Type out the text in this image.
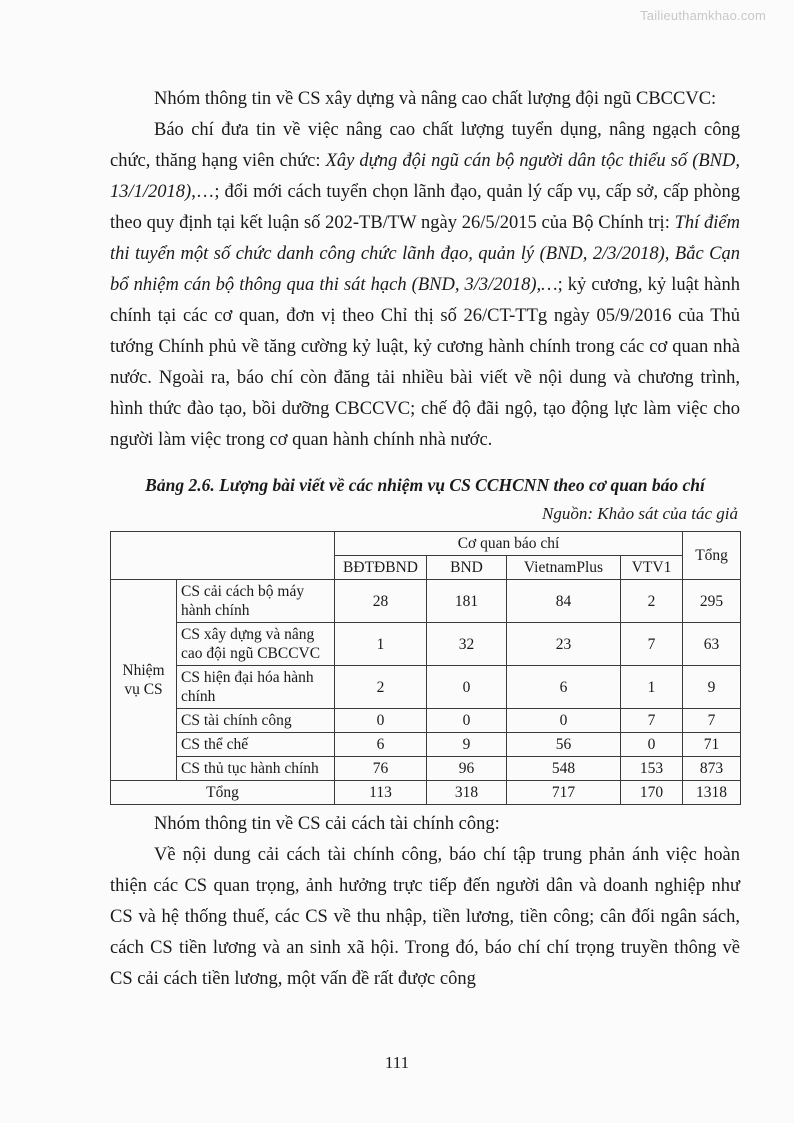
Tailieuthamkhao.com

Nhóm thông tin về CS xây dựng và nâng cao chất lượng đội ngũ CBCCVC:

Báo chí đưa tin về việc nâng cao chất lượng tuyển dụng, nâng ngạch công chức, thăng hạng viên chức: Xây dựng đội ngũ cán bộ người dân tộc thiểu số (BND, 13/1/2018),…; đổi mới cách tuyển chọn lãnh đạo, quản lý cấp vụ, cấp sở, cấp phòng theo quy định tại kết luận số 202-TB/TW ngày 26/5/2015 của Bộ Chính trị: Thí điểm thi tuyển một số chức danh công chức lãnh đạo, quản lý (BND, 2/3/2018), Bắc Cạn bổ nhiệm cán bộ thông qua thi sát hạch (BND, 3/3/2018),…; kỷ cương, kỷ luật hành chính tại các cơ quan, đơn vị theo Chỉ thị số 26/CT-TTg ngày 05/9/2016 của Thủ tướng Chính phủ về tăng cường kỷ luật, kỷ cương hành chính trong các cơ quan nhà nước. Ngoài ra, báo chí còn đăng tải nhiều bài viết về nội dung và chương trình, hình thức đào tạo, bồi dưỡng CBCCVC; chế độ đãi ngộ, tạo động lực làm việc cho người làm việc trong cơ quan hành chính nhà nước.

Bảng 2.6. Lượng bài viết về các nhiệm vụ CS CCHCNN theo cơ quan báo chí
Nguồn: Khảo sát của tác giả
		Cơ quan báo chí				Tổng
		BĐTĐBND	BND	VietnamPlus	VTV1	
Nhiệm vụ CS	CS cải cách bộ máy hành chính	28	181	84	2	295
	CS xây dựng và nâng cao đội ngũ CBCCVC	1	32	23	7	63
	CS hiện đại hóa hành chính	2	0	6	1	9
	CS tài chính công	0	0	0	7	7
	CS thể chế	6	9	56	0	71
	CS thủ tục hành chính	76	96	548	153	873
Tổng		113	318	717	170	1318

Nhóm thông tin về CS cải cách tài chính công:

Về nội dung cải cách tài chính công, báo chí tập trung phản ánh việc hoàn thiện các CS quan trọng, ảnh hưởng trực tiếp đến người dân và doanh nghiệp như CS và hệ thống thuế, các CS về thu nhập, tiền lương, tiền công; cân đối ngân sách, cách CS tiền lương và an sinh xã hội. Trong đó, báo chí chí trọng truyền thông về CS cải cách tiền lương, một vấn đề rất được công

111
